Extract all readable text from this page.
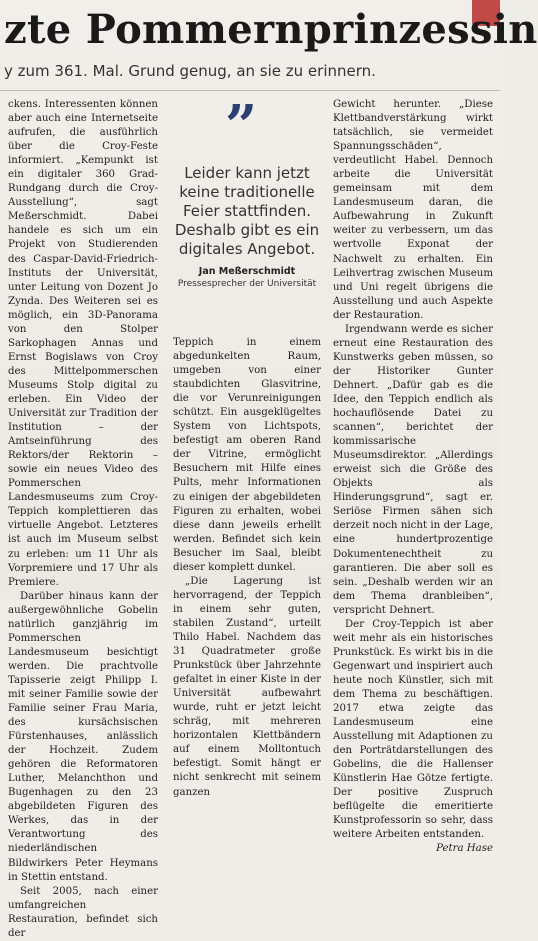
zte Pommernprinzessin
y zum 361. Mal. Grund genug, an sie zu erinnern.

ckens. Interessenten können aber auch eine Internetseite aufrufen, die ausführlich über die Croy-Feste informiert. „Kempunkt ist ein digitaler 360 Grad-Rundgang durch die Croy-Ausstellung“, sagt Meßerschmidt. Dabei handele es sich um ein Projekt von Studierenden des Caspar-David-Friedrich-Instituts der Universität, unter Leitung von Dozent Jo Zynda. Des Weiteren sei es möglich, ein 3D-Panorama von den Stolper Sarkophagen Annas und Ernst Bogislaws von Croy des Mittelpommerschen Museums Stolp digital zu erleben. Ein Video der Universität zur Tradition der Institution – der Amtseinführung des Rektors/der Rektorin – sowie ein neues Video des Pommerschen Landesmuseums zum Croy-Teppich komplettieren das virtuelle Angebot. Letzteres ist auch im Museum selbst zu erleben: um 11 Uhr als Vorpremiere und 17 Uhr als Premiere.

Darüber hinaus kann der außergewöhnliche Gobelin natürlich ganzjährig im Pommerschen Landesmuseum besichtigt werden. Die prachtvolle Tapisserie zeigt Philipp I. mit seiner Familie sowie der Familie seiner Frau Maria, des kursächsischen Fürstenhauses, anlässlich der Hochzeit. Zudem gehören die Reformatoren Luther, Melanchthon und Bugenhagen zu den 23 abgebildeten Figuren des Werkes, das in der Verantwortung des niederländischen Bildwirkers Peter Heymans in Stettin entstand.

Seit 2005, nach einer umfangreichen Restauration, befindet sich der

”
Leider kann jetzt keine traditionelle Feier stattfinden. Deshalb gibt es ein digitales Angebot.
Jan Meßerschmidt
Pressesprecher der Universität

Teppich in einem abgedunkelten Raum, umgeben von einer staubdichten Glasvitrine, die vor Verunreinigungen schützt. Ein ausgeklügeltes System von Lichtspots, befestigt am oberen Rand der Vitrine, ermöglicht Besuchern mit Hilfe eines Pults, mehr Informationen zu einigen der abgebildeten Figuren zu erhalten, wobei diese dann jeweils erhellt werden. Befindet sich kein Besucher im Saal, bleibt dieser komplett dunkel.

„Die Lagerung ist hervorragend, der Teppich in einem sehr guten, stabilen Zustand“, urteilt Thilo Habel. Nachdem das 31 Quadratmeter große Prunkstück über Jahrzehnte gefaltet in einer Kiste in der Universität aufbewahrt wurde, ruht er jetzt leicht schräg, mit mehreren horizontalen Klettbändern auf einem Molltontuch befestigt. Somit hängt er nicht senkrecht mit seinem ganzen

Gewicht herunter. „Diese Klettbandverstärkung wirkt tatsächlich, sie vermeidet Spannungsschäden“, verdeutlicht Habel. Dennoch arbeite die Universität gemeinsam mit dem Landesmuseum daran, die Aufbewahrung in Zukunft weiter zu verbessern, um das wertvolle Exponat der Nachwelt zu erhalten. Ein Leihvertrag zwischen Museum und Uni regelt übrigens die Ausstellung und auch Aspekte der Restauration.

Irgendwann werde es sicher erneut eine Restauration des Kunstwerks geben müssen, so der Historiker Gunter Dehnert. „Dafür gab es die Idee, den Teppich endlich als hochauflösende Datei zu scannen“, berichtet der kommissarische Museumsdirektor. „Allerdings erweist sich die Größe des Objekts als Hinderungsgrund“, sagt er. Seriöse Firmen sähen sich derzeit noch nicht in der Lage, eine hundertprozentige Dokumentenechtheit zu garantieren. Die aber soll es sein. „Deshalb werden wir an dem Thema dranbleiben“, verspricht Dehnert.

Der Croy-Teppich ist aber weit mehr als ein historisches Prunkstück. Es wirkt bis in die Gegenwart und inspiriert auch heute noch Künstler, sich mit dem Thema zu beschäftigen. 2017 etwa zeigte das Landesmuseum eine Ausstellung mit Adaptionen zu den Porträtdarstellungen des Gobelins, die die Hallenser Künstlerin Hae Götze fertigte. Der positive Zuspruch beflügelte die emeritierte Kunstprofessorin so sehr, dass weitere Arbeiten entstanden.

Petra Hase
